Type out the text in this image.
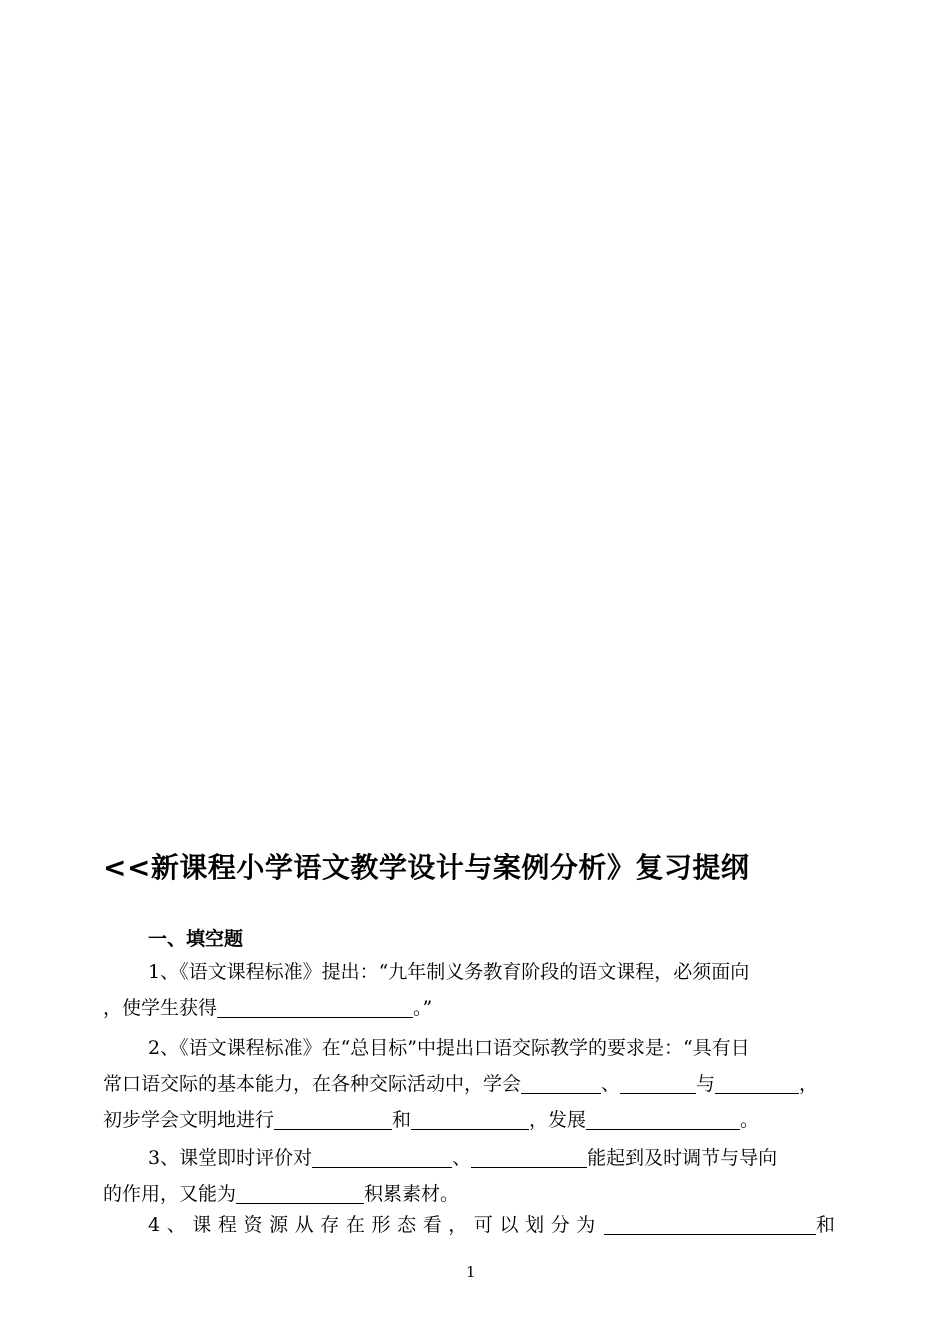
<<新课程小学语文教学设计与案例分析》复习提纲
一、填空题
1、《语文课程标准》提出：“九年制义务教育阶段的语文课程，必须面向
，使学生获得	。”
2、《语文课程标准》在“总目标”中提出口语交际教学的要求是：“具有日
常口语交际的基本能力，在各种交际活动中，学会	、	与	，
初步学会文明地进行	和	，发展	。
3、课堂即时评价对	、	能起到及时调节与导向
的作用，又能为	积累素材。
4、课程资源从存在形态看，可以划分为	和
1
